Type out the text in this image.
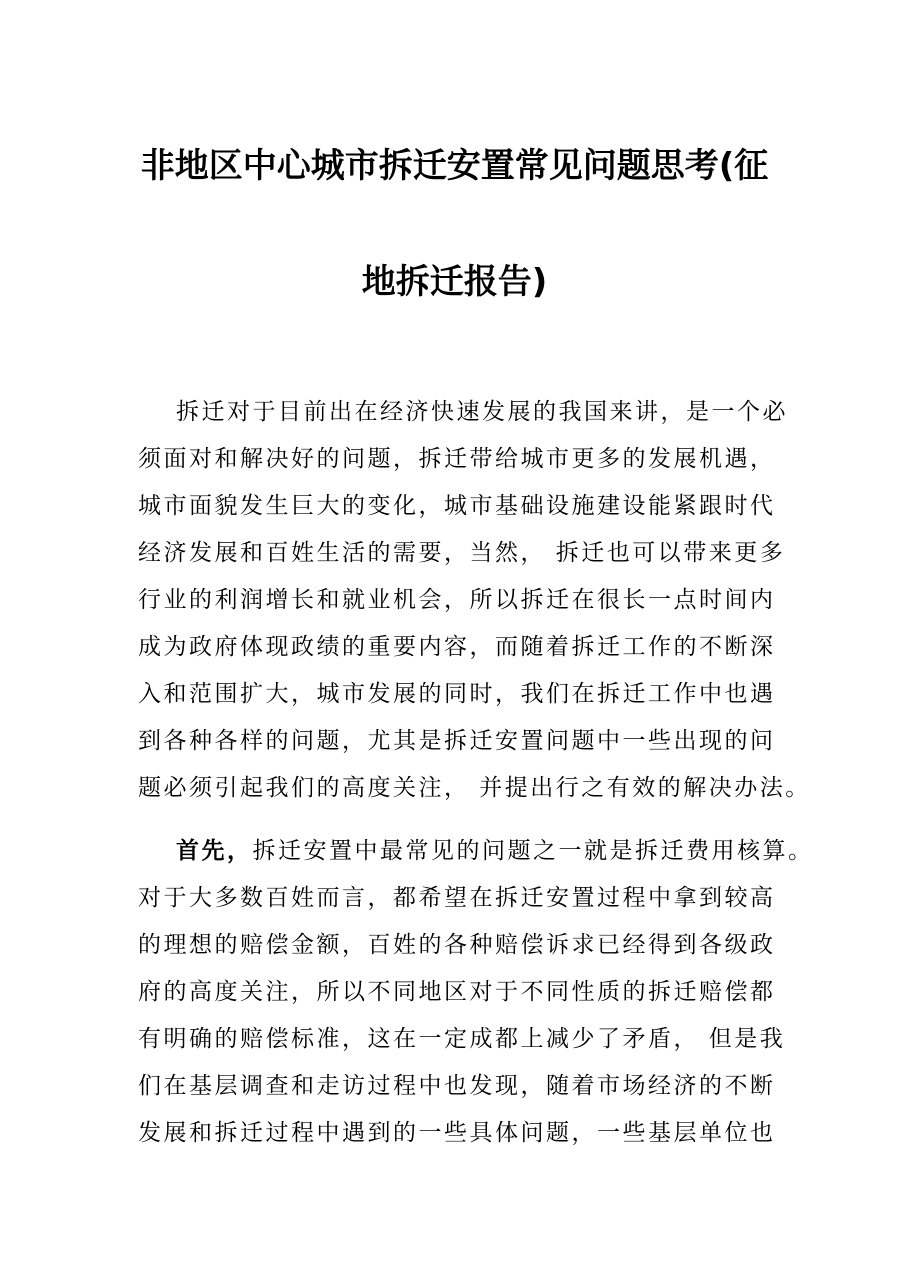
非地区中心城市拆迁安置常见问题思考(征
地拆迁报告)
拆迁对于目前出在经济快速发展的我国来讲，是一个必
须面对和解决好的问题，拆迁带给城市更多的发展机遇，
城市面貌发生巨大的变化，城市基础设施建设能紧跟时代
经济发展和百姓生活的需要，当然， 拆迁也可以带来更多
行业的利润增长和就业机会，所以拆迁在很长一点时间内
成为政府体现政绩的重要内容，而随着拆迁工作的不断深
入和范围扩大，城市发展的同时，我们在拆迁工作中也遇
到各种各样的问题，尤其是拆迁安置问题中一些出现的问
题必须引起我们的高度关注， 并提出行之有效的解决办法。
首先，拆迁安置中最常见的问题之一就是拆迁费用核算。
对于大多数百姓而言，都希望在拆迁安置过程中拿到较高
的理想的赔偿金额，百姓的各种赔偿诉求已经得到各级政
府的高度关注，所以不同地区对于不同性质的拆迁赔偿都
有明确的赔偿标准，这在一定成都上减少了矛盾， 但是我
们在基层调查和走访过程中也发现，随着市场经济的不断
发展和拆迁过程中遇到的一些具体问题，一些基层单位也
